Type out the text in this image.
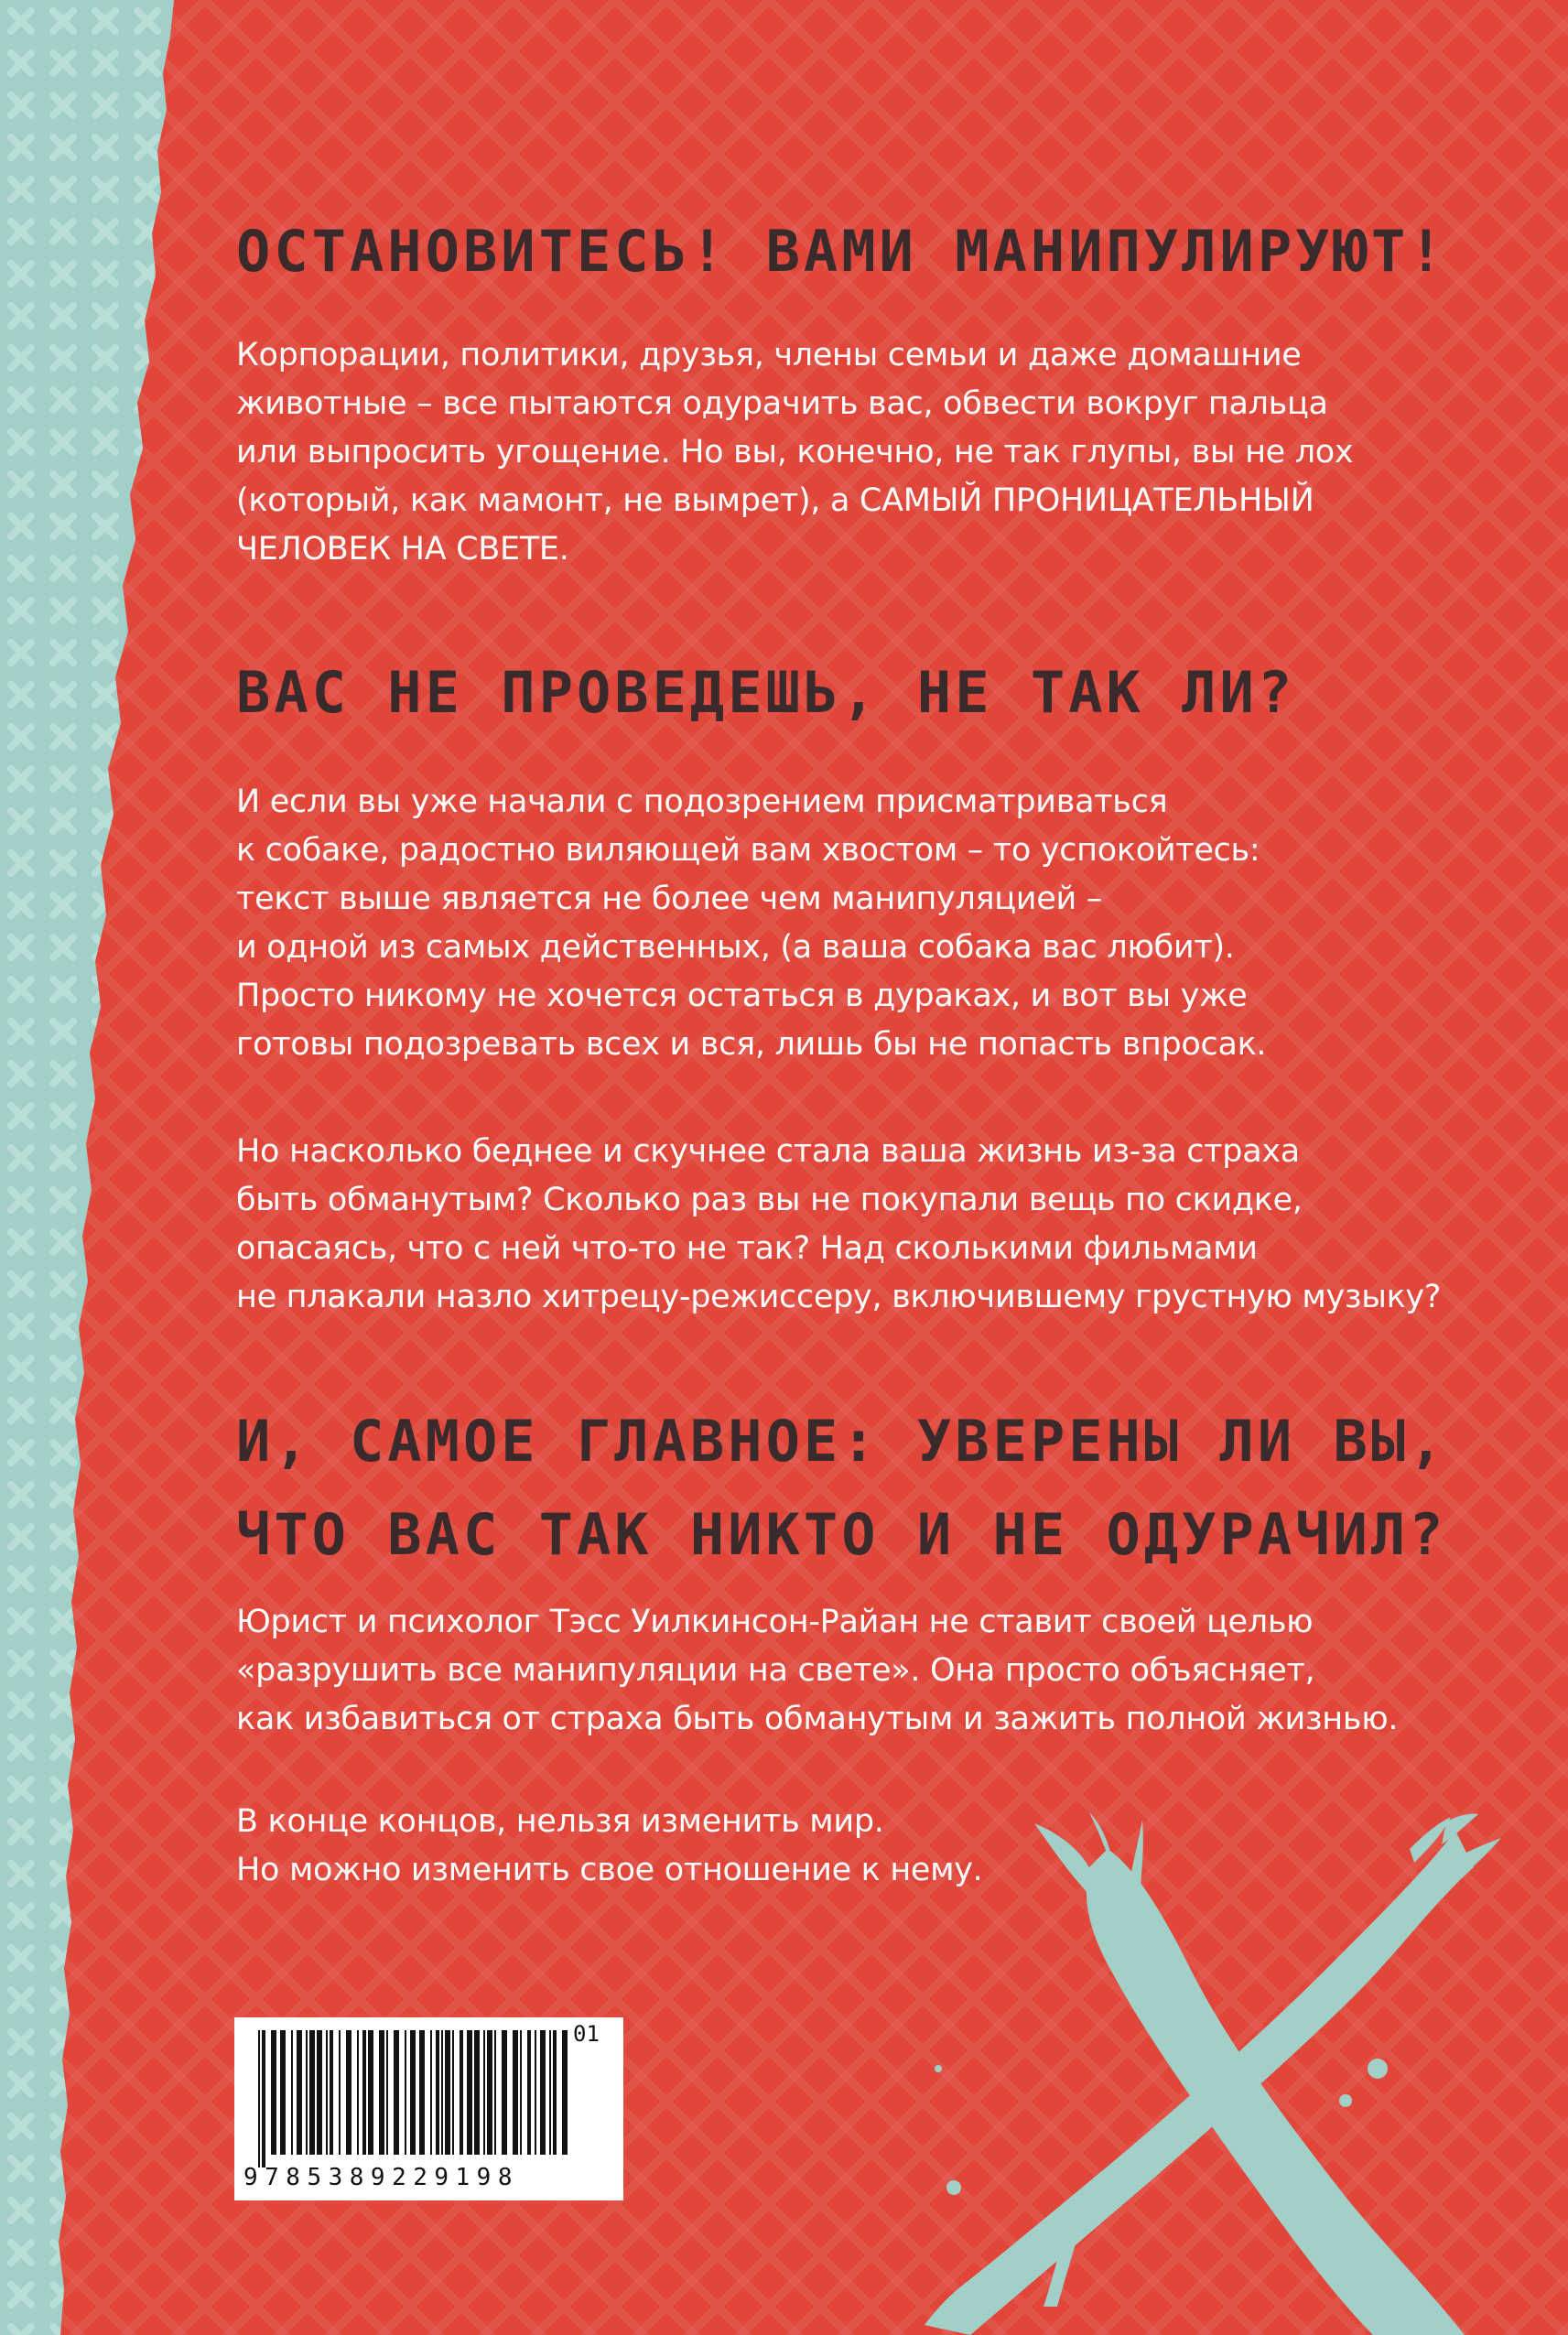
ОСТАНОВИТЕСЬ! ВАМИ МАНИПУЛИРУЮТ!

Корпорации, политики, друзья, члены семьи и даже домашние
животные – все пытаются одурачить вас, обвести вокруг пальца
или выпросить угощение. Но вы, конечно, не так глупы, вы не лох
(который, как мамонт, не вымрет), а САМЫЙ ПРОНИЦАТЕЛЬНЫЙ
ЧЕЛОВЕК НА СВЕТЕ.

ВАС НЕ ПРОВЕДЕШЬ, НЕ ТАК ЛИ?

И если вы уже начали с подозрением присматриваться
к собаке, радостно виляющей вам хвостом – то успокойтесь:
текст выше является не более чем манипуляцией –
и одной из самых действенных, (а ваша собака вас любит).
Просто никому не хочется остаться в дураках, и вот вы уже
готовы подозревать всех и вся, лишь бы не попасть впросак.

Но насколько беднее и скучнее стала ваша жизнь из-за страха
быть обманутым? Сколько раз вы не покупали вещь по скидке,
опасаясь, что с ней что-то не так? Над сколькими фильмами
не плакали назло хитрецу-режиссеру, включившему грустную музыку?

И, САМОЕ ГЛАВНОЕ: УВЕРЕНЫ ЛИ ВЫ,
ЧТО ВАС ТАК НИКТО И НЕ ОДУРАЧИЛ?

Юрист и психолог Тэсс Уилкинсон-Райан не ставит своей целью
«разрушить все манипуляции на свете». Она просто объясняет,
как избавиться от страха быть обманутым и зажить полной жизнью.

В конце концов, нельзя изменить мир.
Но можно изменить свое отношение к нему.

01
9785389229198
